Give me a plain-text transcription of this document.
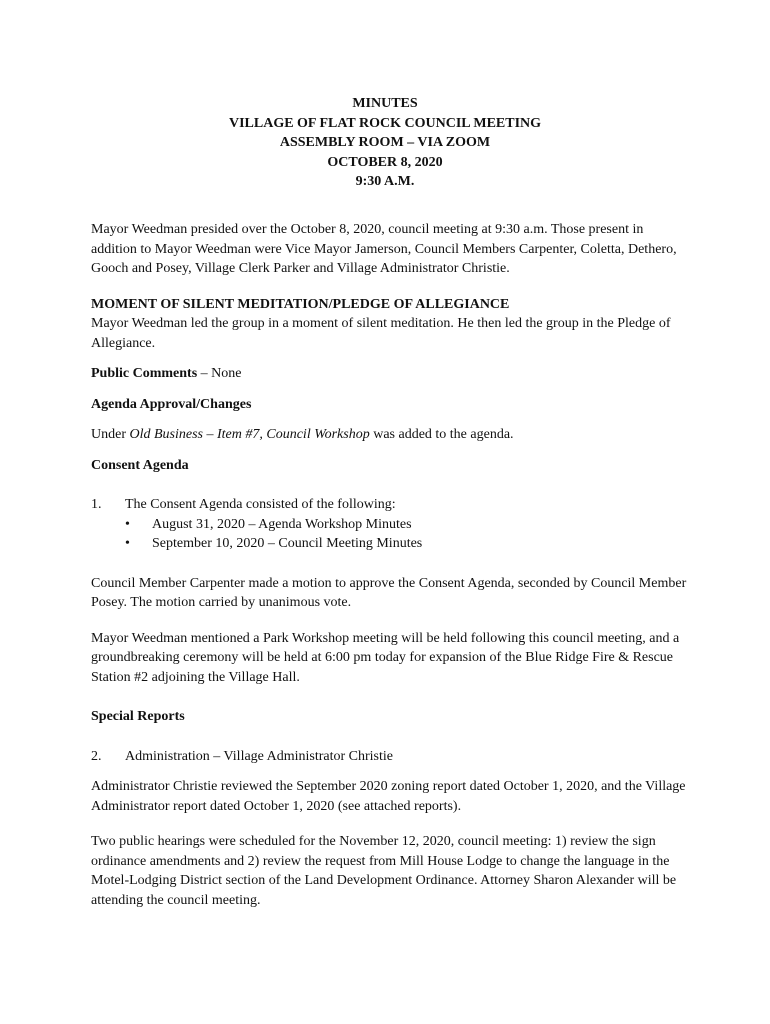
MINUTES
VILLAGE OF FLAT ROCK COUNCIL MEETING
ASSEMBLY ROOM – VIA ZOOM
OCTOBER 8, 2020
9:30 A.M.

Mayor Weedman presided over the October 8, 2020, council meeting at 9:30 a.m. Those present in addition to Mayor Weedman were Vice Mayor Jamerson, Council Members Carpenter, Coletta, Dethero, Gooch and Posey, Village Clerk Parker and Village Administrator Christie.

MOMENT OF SILENT MEDITATION/PLEDGE OF ALLEGIANCE

Mayor Weedman led the group in a moment of silent meditation. He then led the group in the Pledge of Allegiance.

Public Comments – None

Agenda Approval/Changes

Under Old Business – Item #7, Council Workshop was added to the agenda.

Consent Agenda

1.	The Consent Agenda consisted of the following:
•	August 31, 2020 – Agenda Workshop Minutes
•	September 10, 2020 – Council Meeting Minutes

Council Member Carpenter made a motion to approve the Consent Agenda, seconded by Council Member Posey. The motion carried by unanimous vote.

Mayor Weedman mentioned a Park Workshop meeting will be held following this council meeting, and a groundbreaking ceremony will be held at 6:00 pm today for expansion of the Blue Ridge Fire & Rescue Station #2 adjoining the Village Hall.

Special Reports

2.	Administration – Village Administrator Christie

Administrator Christie reviewed the September 2020 zoning report dated October 1, 2020, and the Village Administrator report dated October 1, 2020 (see attached reports).

Two public hearings were scheduled for the November 12, 2020, council meeting: 1) review the sign ordinance amendments and 2) review the request from Mill House Lodge to change the language in the Motel-Lodging District section of the Land Development Ordinance. Attorney Sharon Alexander will be attending the council meeting.
